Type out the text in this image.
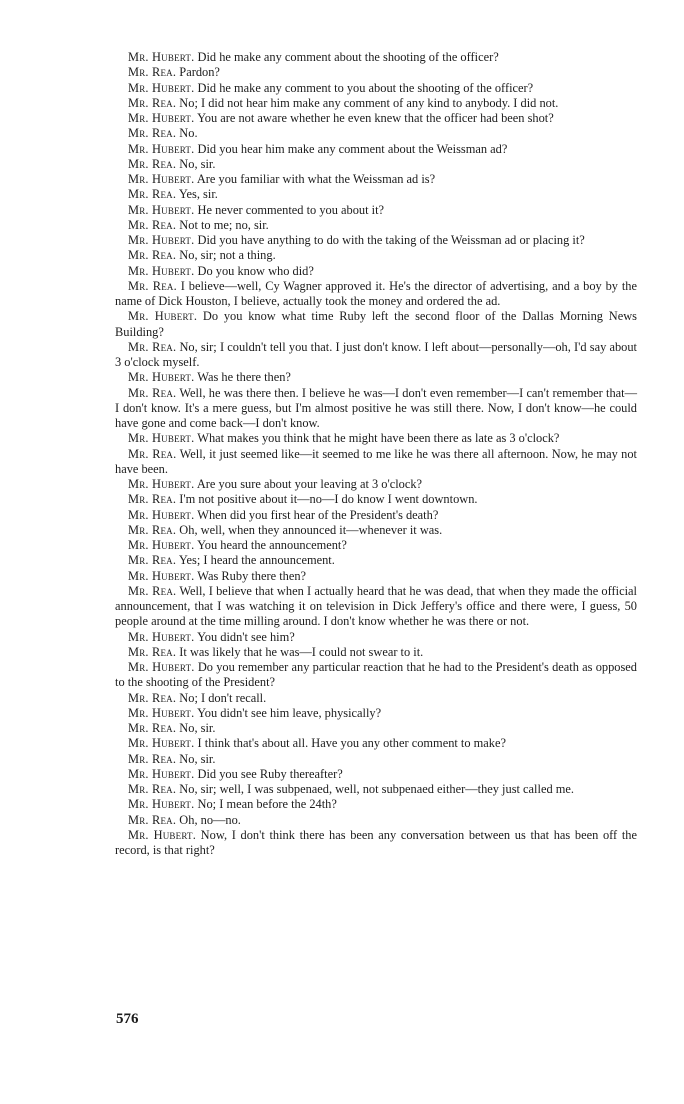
Mr. Hubert. Did he make any comment about the shooting of the officer?

Mr. Rea. Pardon?

Mr. Hubert. Did he make any comment to you about the shooting of the officer?

Mr. Rea. No; I did not hear him make any comment of any kind to anybody. I did not.

Mr. Hubert. You are not aware whether he even knew that the officer had been shot?

Mr. Rea. No.

Mr. Hubert. Did you hear him make any comment about the Weissman ad?

Mr. Rea. No, sir.

Mr. Hubert. Are you familiar with what the Weissman ad is?

Mr. Rea. Yes, sir.

Mr. Hubert. He never commented to you about it?

Mr. Rea. Not to me; no, sir.

Mr. Hubert. Did you have anything to do with the taking of the Weissman ad or placing it?

Mr. Rea. No, sir; not a thing.

Mr. Hubert. Do you know who did?

Mr. Rea. I believe—well, Cy Wagner approved it. He's the director of advertising, and a boy by the name of Dick Houston, I believe, actually took the money and ordered the ad.

Mr. Hubert. Do you know what time Ruby left the second floor of the Dallas Morning News Building?

Mr. Rea. No, sir; I couldn't tell you that. I just don't know. I left about—personally—oh, I'd say about 3 o'clock myself.

Mr. Hubert. Was he there then?

Mr. Rea. Well, he was there then. I believe he was—I don't even remember—I can't remember that—I don't know. It's a mere guess, but I'm almost positive he was still there. Now, I don't know—he could have gone and come back—I don't know.

Mr. Hubert. What makes you think that he might have been there as late as 3 o'clock?

Mr. Rea. Well, it just seemed like—it seemed to me like he was there all afternoon. Now, he may not have been.

Mr. Hubert. Are you sure about your leaving at 3 o'clock?

Mr. Rea. I'm not positive about it—no—I do know I went downtown.

Mr. Hubert. When did you first hear of the President's death?

Mr. Rea. Oh, well, when they announced it—whenever it was.

Mr. Hubert. You heard the announcement?

Mr. Rea. Yes; I heard the announcement.

Mr. Hubert. Was Ruby there then?

Mr. Rea. Well, I believe that when I actually heard that he was dead, that when they made the official announcement, that I was watching it on television in Dick Jeffery's office and there were, I guess, 50 people around at the time milling around. I don't know whether he was there or not.

Mr. Hubert. You didn't see him?

Mr. Rea. It was likely that he was—I could not swear to it.

Mr. Hubert. Do you remember any particular reaction that he had to the President's death as opposed to the shooting of the President?

Mr. Rea. No; I don't recall.

Mr. Hubert. You didn't see him leave, physically?

Mr. Rea. No, sir.

Mr. Hubert. I think that's about all. Have you any other comment to make?

Mr. Rea. No, sir.

Mr. Hubert. Did you see Ruby thereafter?

Mr. Rea. No, sir; well, I was subpenaed, well, not subpenaed either—they just called me.

Mr. Hubert. No; I mean before the 24th?

Mr. Rea. Oh, no—no.

Mr. Hubert. Now, I don't think there has been any conversation between us that has been off the record, is that right?

576
